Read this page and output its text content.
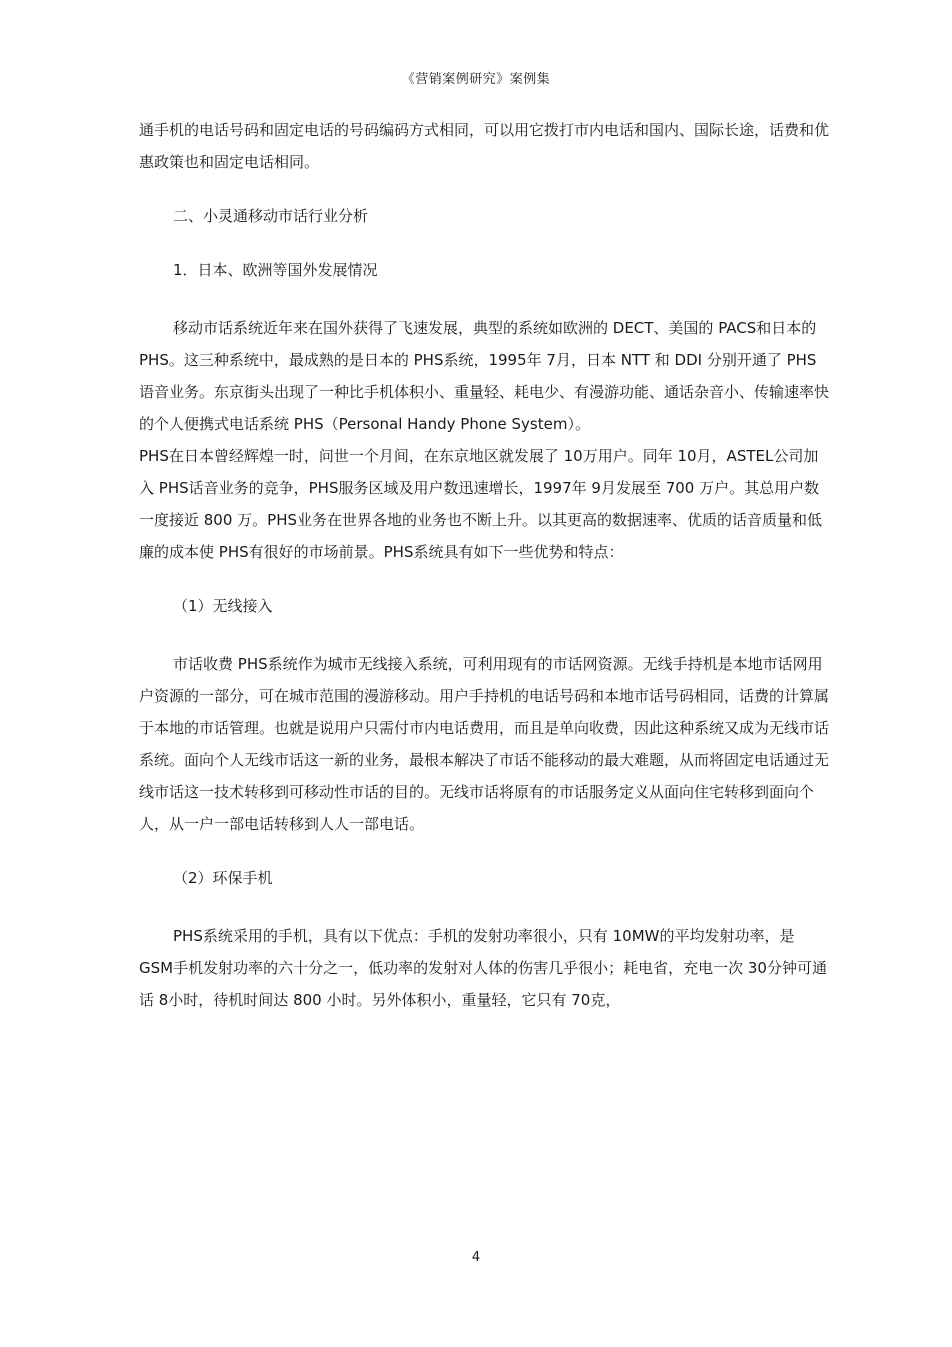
《营销案例研究》案例集

通手机的电话号码和固定电话的号码编码方式相同，可以用它拨打市内电话和国内、国际长途，话费和优惠政策也和固定电话相同。

二、小灵通移动市话行业分析

1．日本、欧洲等国外发展情况

移动市话系统近年来在国外获得了飞速发展，典型的系统如欧洲的 DECT、美国的 PACS和日本的 PHS。这三种系统中，最成熟的是日本的 PHS系统，1995年 7月，日本 NTT 和 DDI 分别开通了 PHS语音业务。东京街头出现了一种比手机体积小、重量轻、耗电少、有漫游功能、通话杂音小、传输速率快的个人便携式电话系统 PHS（Personal Handy Phone System）。

PHS在日本曾经辉煌一时，问世一个月间，在东京地区就发展了 10万用户。同年 10月，ASTEL公司加入 PHS话音业务的竞争，PHS服务区域及用户数迅速增长，1997年 9月发展至 700 万户。其总用户数一度接近 800 万。PHS业务在世界各地的业务也不断上升。以其更高的数据速率、优质的话音质量和低廉的成本使 PHS有很好的市场前景。PHS系统具有如下一些优势和特点：

（1）无线接入

市话收费 PHS系统作为城市无线接入系统，可利用现有的市话网资源。无线手持机是本地市话网用户资源的一部分，可在城市范围的漫游移动。用户手持机的电话号码和本地市话号码相同，话费的计算属于本地的市话管理。也就是说用户只需付市内电话费用，而且是单向收费，因此这种系统又成为无线市话系统。面向个人无线市话这一新的业务，最根本解决了市话不能移动的最大难题，从而将固定电话通过无线市话这一技术转移到可移动性市话的目的。无线市话将原有的市话服务定义从面向住宅转移到面向个人，从一户一部电话转移到人人一部电话。

（2）环保手机

PHS系统采用的手机，具有以下优点：手机的发射功率很小，只有 10MW的平均发射功率，是 GSM手机发射功率的六十分之一，低功率的发射对人体的伤害几乎很小；耗电省，充电一次 30分钟可通话 8小时，待机时间达 800 小时。另外体积小，重量轻，它只有 70克，

4
